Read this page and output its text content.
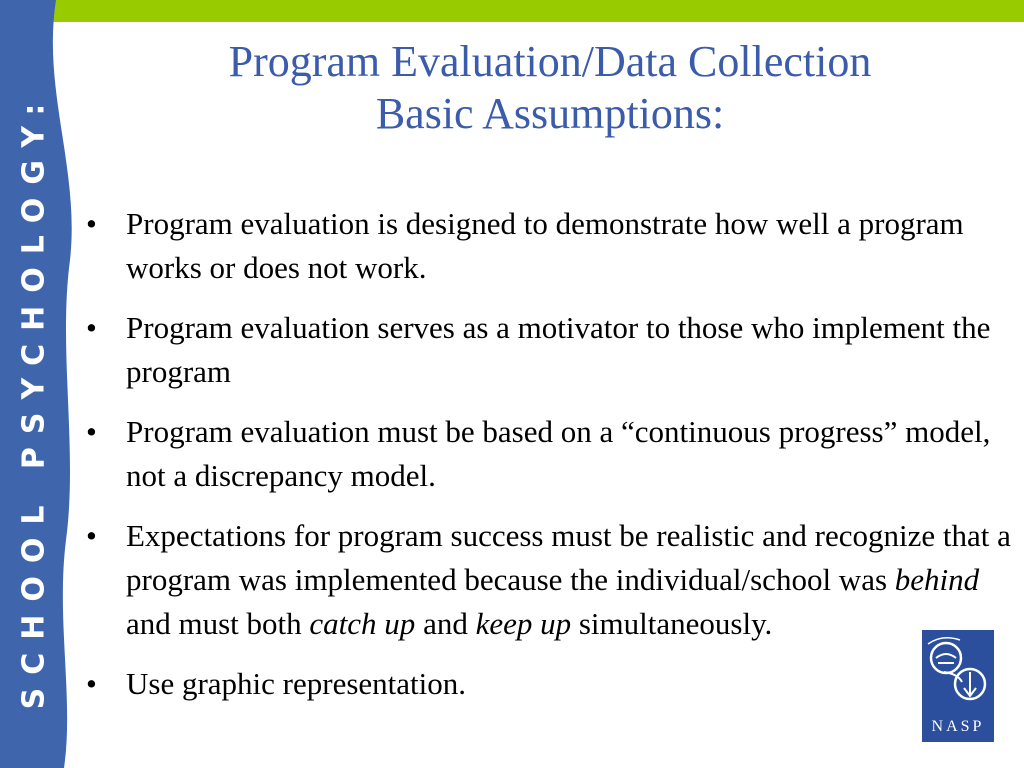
SCHOOL PSYCHOLOGY:
Program Evaluation/Data Collection
Basic Assumptions:
• Program evaluation is designed to demonstrate how well a program works or does not work.
• Program evaluation serves as a motivator to those who implement the program
• Program evaluation must be based on a “continuous progress” model, not a discrepancy model.
• Expectations for program success must be realistic and recognize that a program was implemented because the individual/school was behind and must both catch up and keep up simultaneously.
• Use graphic representation.
NASP
